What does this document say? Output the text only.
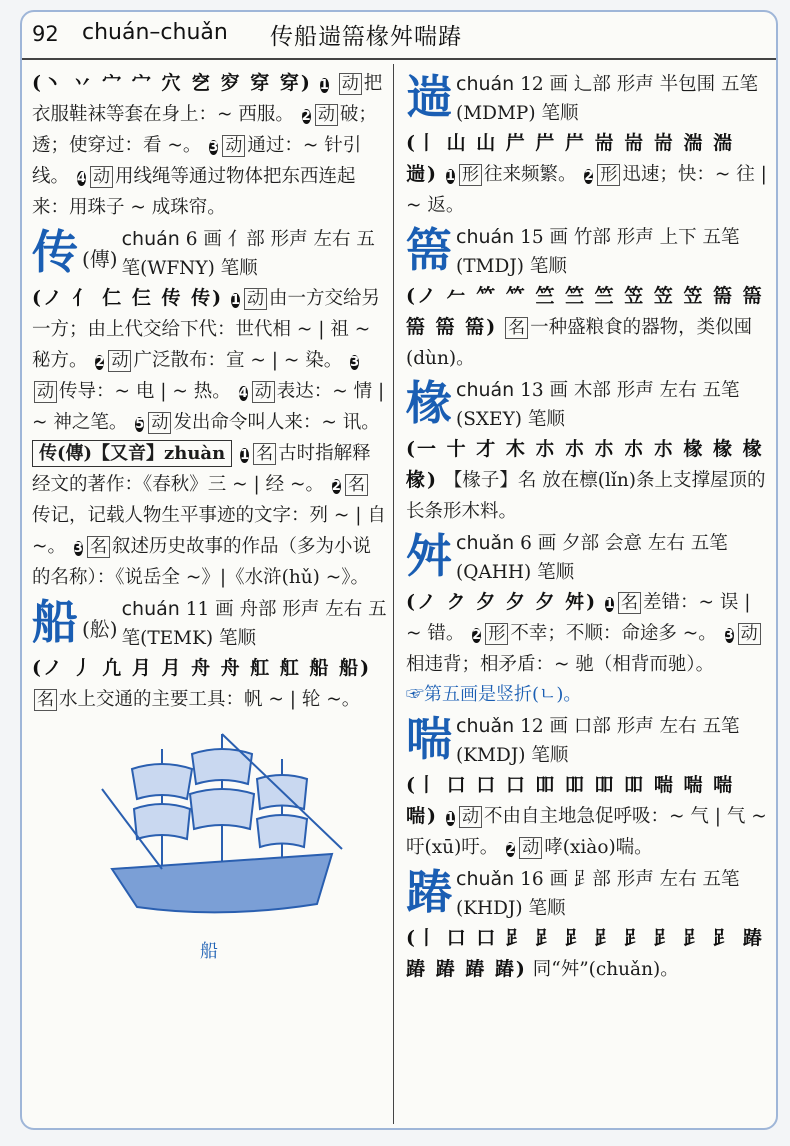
92 chuán–chuǎn 传船遄篅椽舛喘踳

(丶 丷 宀 宀 穴 穵 穸 穿 穿) 1 动 把衣服鞋袜等套在身上：~ 西服。 2 动 破；透；使穿过：看 ~。 3 动 通过：~ 针引线。 4 动 用线绳等通过物体把东西连起来：用珠子 ~ 成珠帘。

传 (傳)
chuán 6 画 亻部 形声 左右 五笔(WFNY) 笔顺

(ノ 亻 仁 仨 传 传) 1 动 由一方交给另一方；由上代交给下代：世代相 ~ | 祖 ~ 秘方。 2 动 广泛散布：宣 ~ | ~ 染。 3动 传导：~ 电 | ~ 热。 4 动 表达：~ 情 | ~ 神之笔。 5 动 发出命令叫人来：~ 讯。

传(傳)【又音】zhuàn 1 名 古时指解释经文的著作：《春秋》三 ~ | 经 ~。 2 名传记，记载人物生平事迹的文字：列 ~ | 自 ~。 3 名 叙述历史故事的作品（多为小说的名称）：《说岳全 ~》|《水浒(hǔ) ~》。

船 (舩)
chuán 11 画 舟部 形声 左右 五笔(TEMK) 笔顺

(ノ 丿 凢 月 月 舟 舟 舡 舡 船 船) 名 水上交通的主要工具：帆 ~ | 轮 ~。

船
遄 chuán 12 画 辶部 形声 半包围 五笔(MDMP) 笔顺

(丨 山 山 屵 屵 屵 耑 耑 耑 湍 湍 遄) 1 形 往来频繁。 2 形 迅速；快：~ 往 | ~ 返。

篅 chuán 15 画 竹部 形声 上下 五笔(TMDJ) 笔顺

(ノ 𠂉 𥫗 𥫗 竺 竺 竺 笠 笠 笠 篅 篅 篅 篅 篅) 名 一种盛粮食的器物，类似囤(dùn)。

椽 chuán 13 画 木部 形声 左右 五笔(SXEY) 笔顺

(一 十 才 木 朩 朩 朩 朩 朩 椽 椽 椽 椽) 【椽子】名 放在檩(lǐn)条上支撑屋顶的长条形木料。

舛 chuǎn 6 画 夕部 会意 左右 五笔(QAHH) 笔顺

(ノ ク 夕 夕 夕 舛) 1 名 差错：~ 误 | ~ 错。 2 形 不幸；不顺：命途多 ~。 3 动相违背；相矛盾：~ 驰（相背而驰）。

☞第五画是竖折(ㄴ)。
喘 chuǎn 12 画 口部 形声 左右 五笔(KMDJ) 笔顺

(丨 口 口 口 吅 吅 吅 吅 喘 喘 喘 喘) 1 动 不由自主地急促呼吸：~ 气 | 气 ~ 吁(xū)吁。 2 动 哮(xiào)喘。

踳 chuǎn 16 画 𧾷部 形声 左右 五笔(KHDJ) 笔顺

(丨 口 口 𧾷 𧾷 𧾷 𧾷 𧾷 𧾷 𧾷 𧾷 踳 踳 踳 踳 踳) 同“舛”(chuǎn)。
